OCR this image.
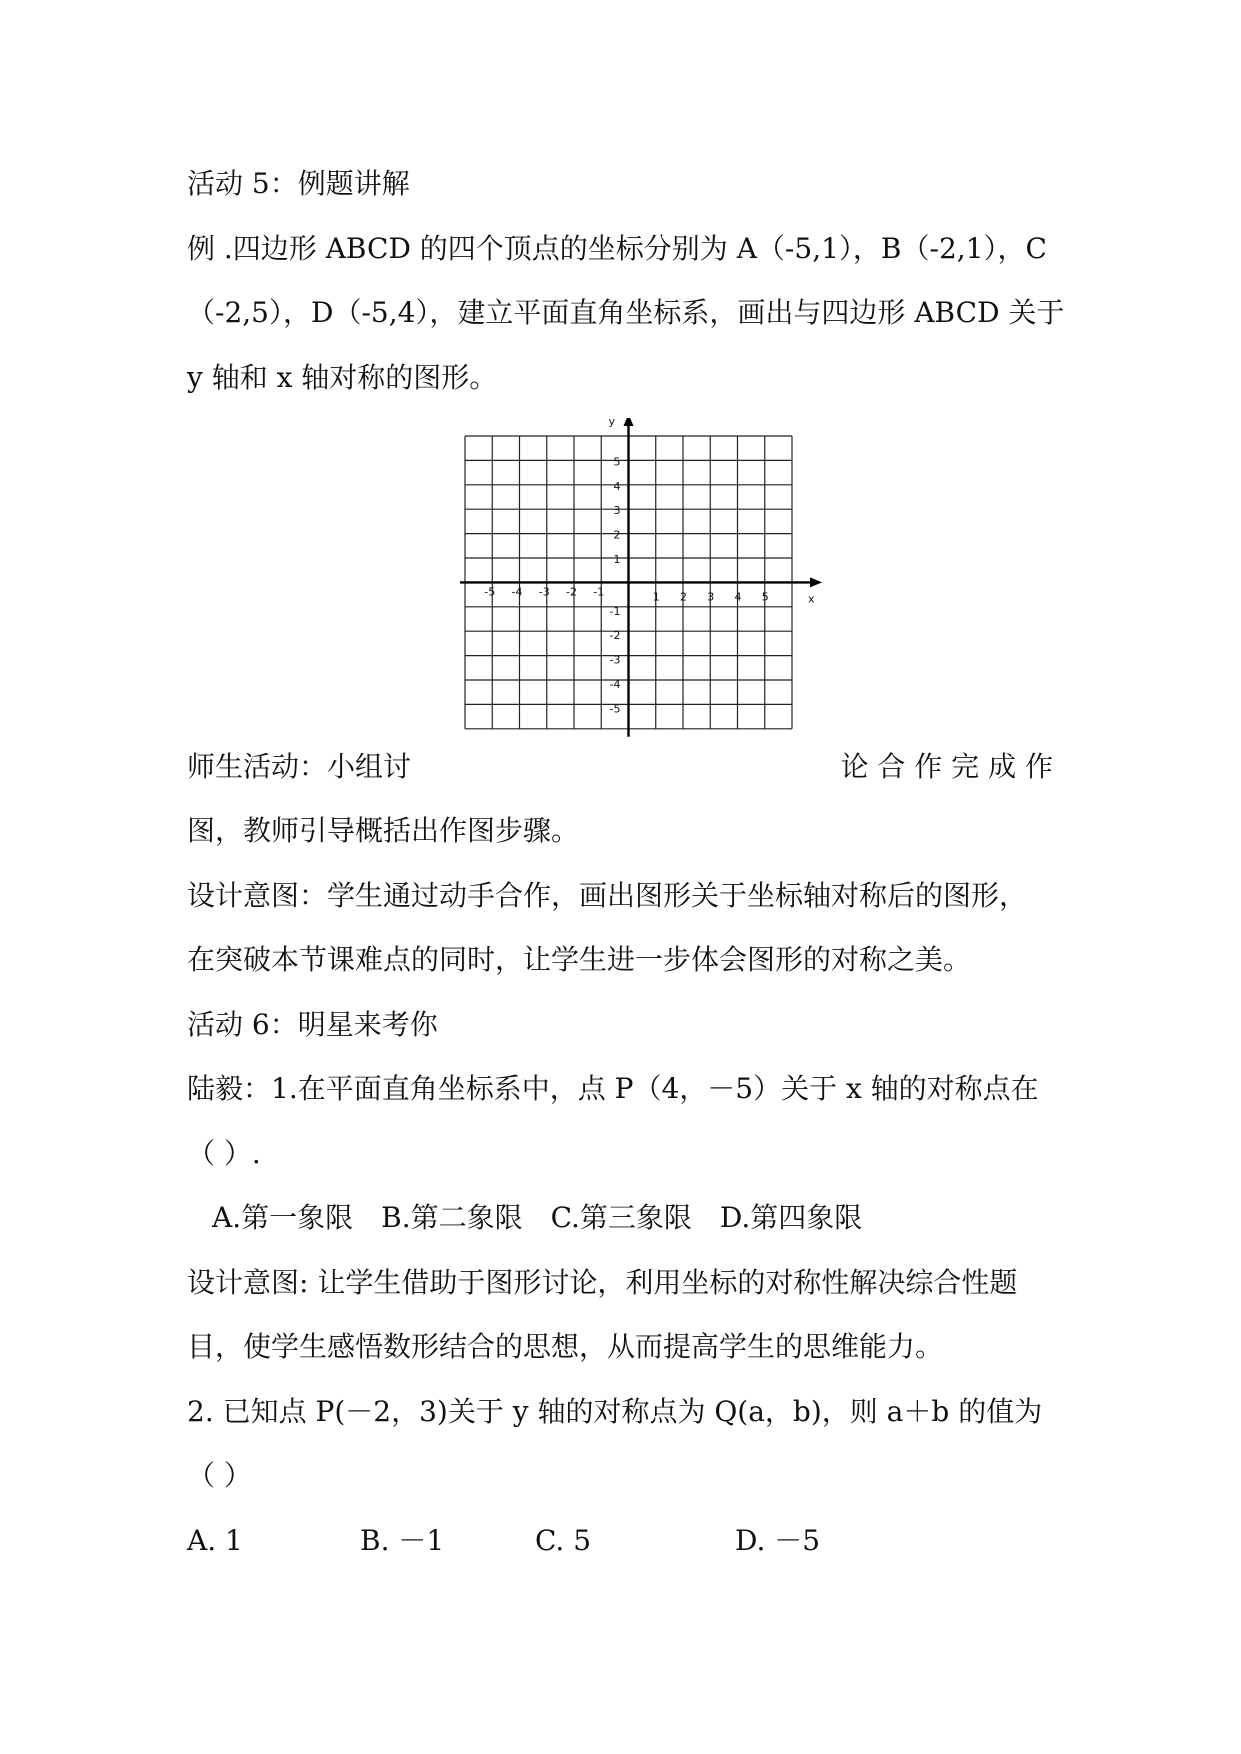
活动 5：例题讲解
例 .四边形 ABCD 的四个顶点的坐标分别为 A（-5,1），B（-2,1），C
（-2,5），D（-5,4），建立平面直角坐标系，画出与四边形 ABCD 关于
y 轴和 x 轴对称的图形。
x
y
-5 -4 -3 -2 -1	1 2 3 4 5
5
4
3
2
1
-1
-2
-3
-4
-5
师生活动：小组讨	论 合 作 完 成 作
图，教师引导概括出作图步骤。
设计意图：学生通过动手合作，画出图形关于坐标轴对称后的图形，
在突破本节课难点的同时，让学生进一步体会图形的对称之美。
活动 6：明星来考你
陆毅：1.在平面直角坐标系中，点 P（4，－5）关于 x 轴的对称点在
（ ）.
A.第一象限　B.第二象限　C.第三象限　D.第四象限
设计意图: 让学生借助于图形讨论，利用坐标的对称性解决综合性题
目，使学生感悟数形结合的思想，从而提高学生的思维能力。
2. 已知点 P(－2，3)关于 y 轴的对称点为 Q(a，b)，则 a＋b 的值为
（ ）
A. 1	B. －1	C. 5	D. －5
